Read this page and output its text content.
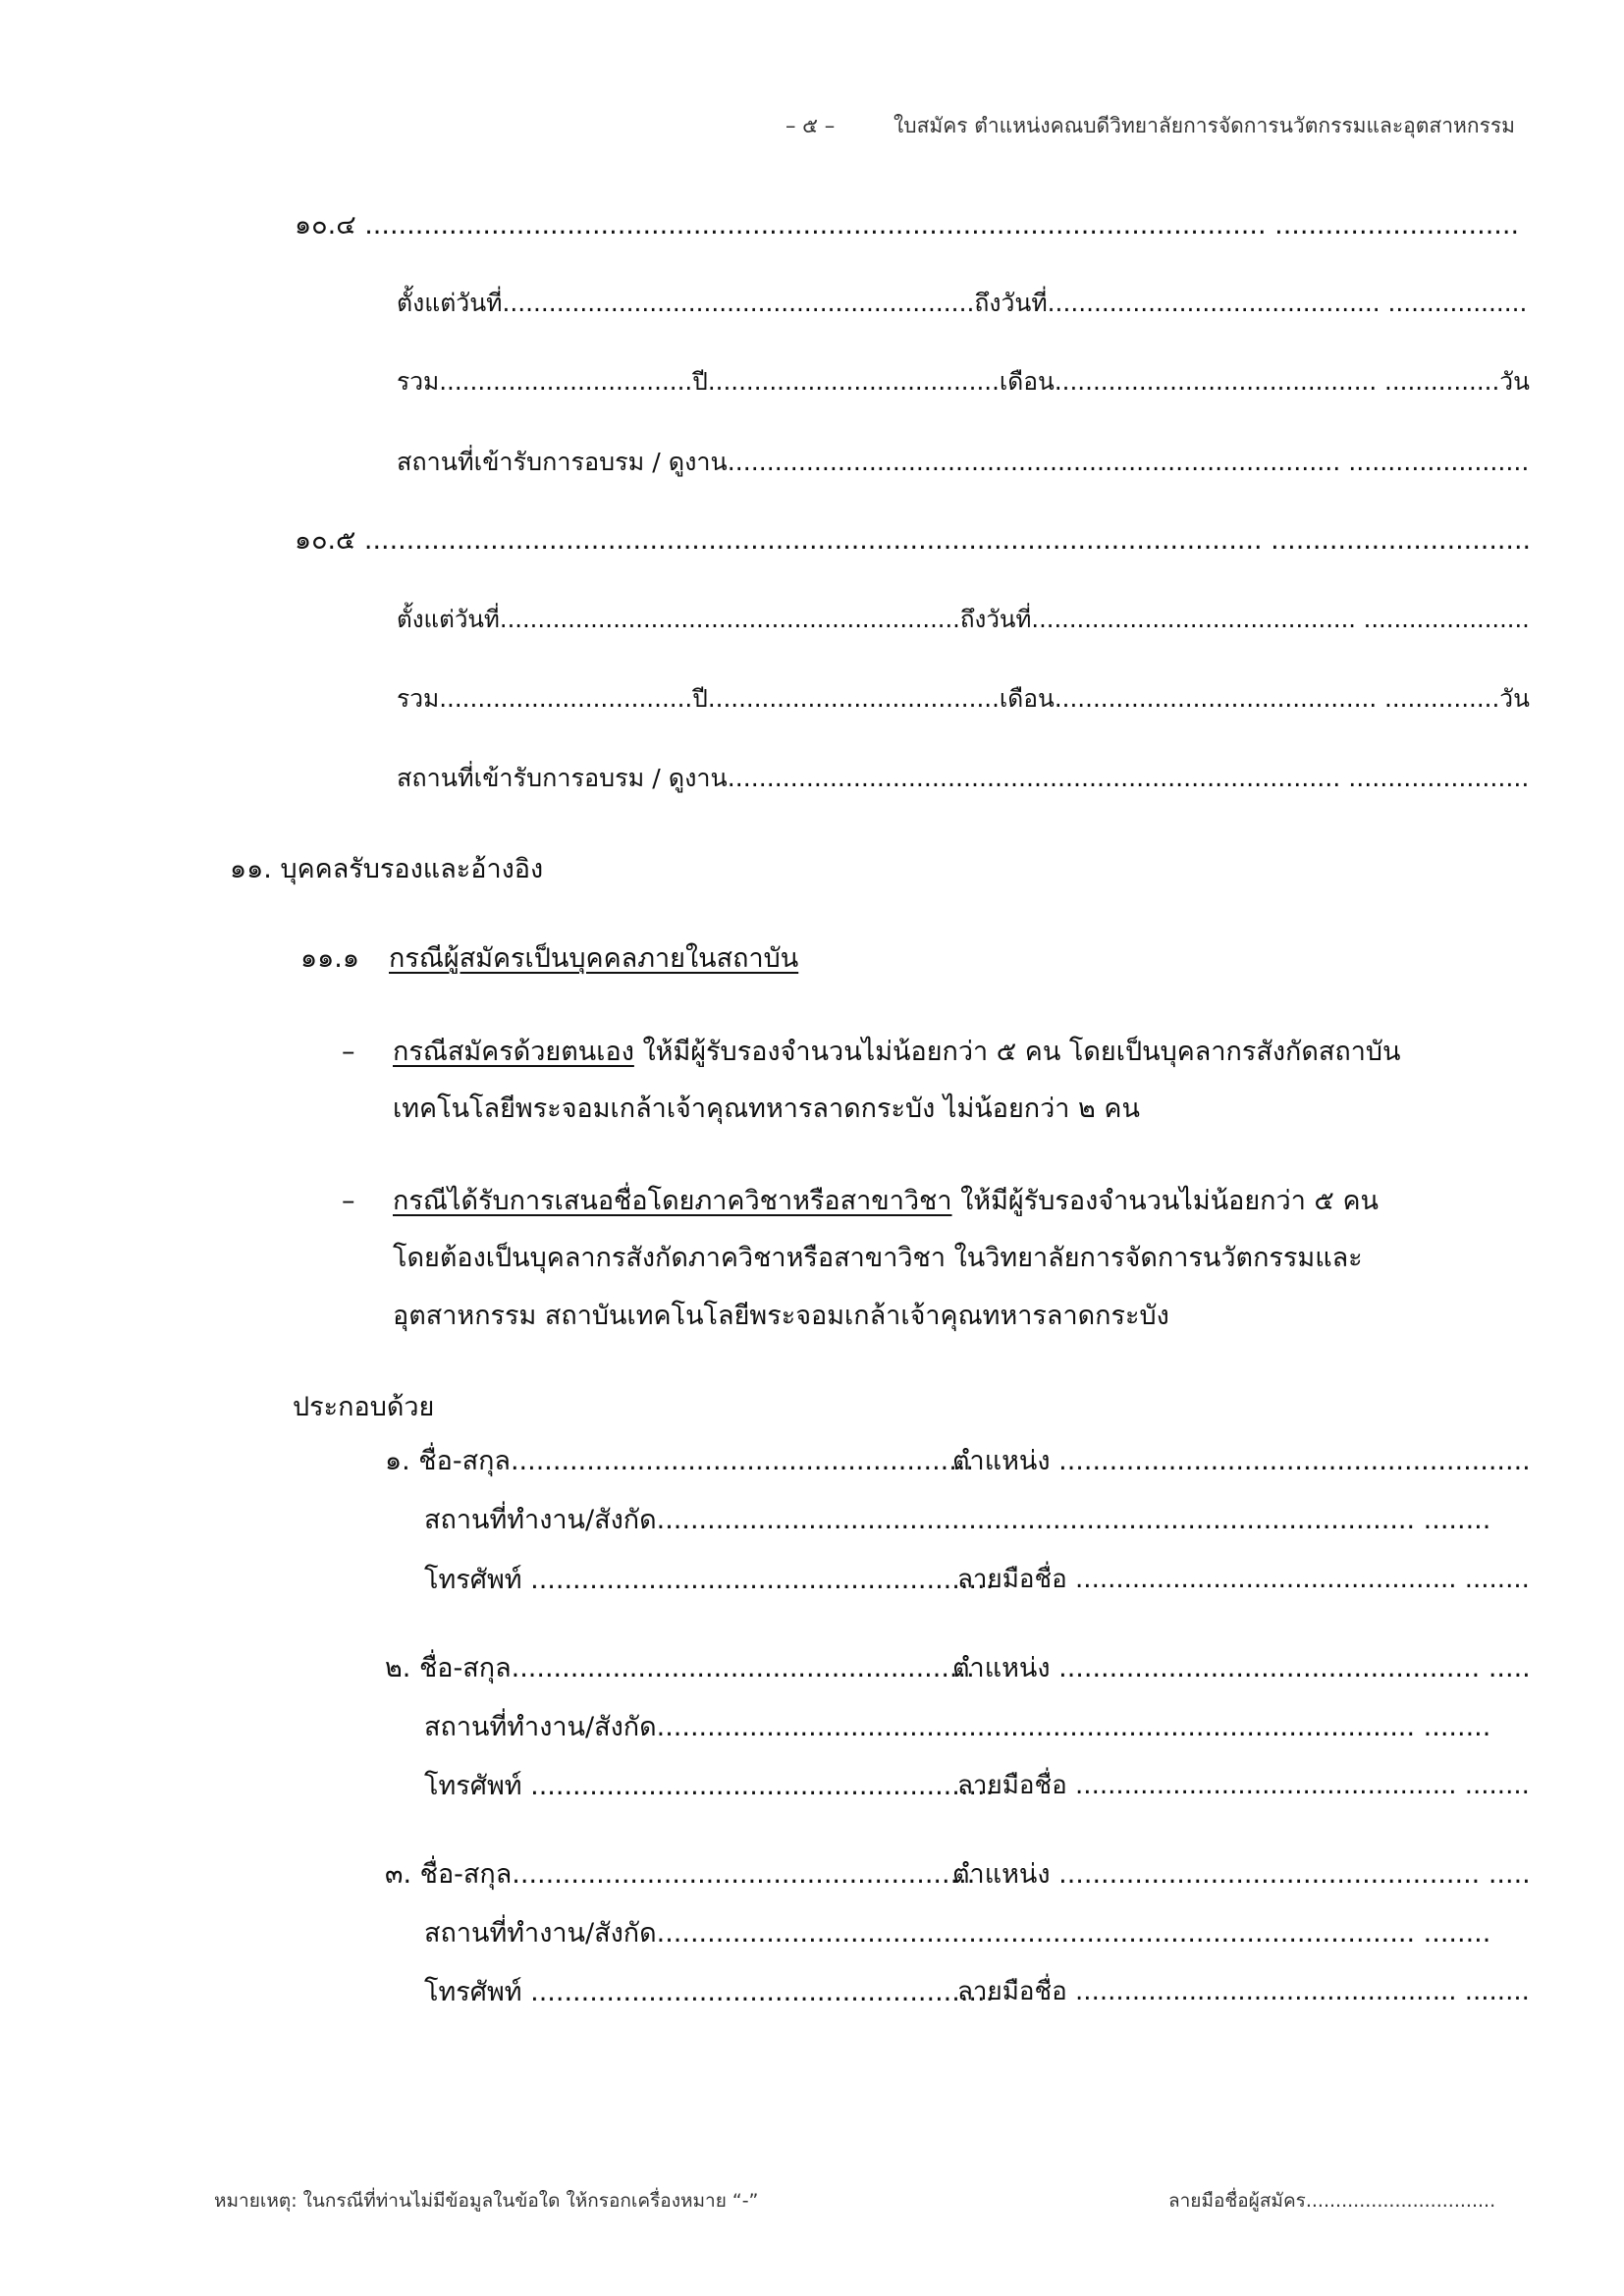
– ๕ –	ใบสมัคร ตำแหน่งคณบดีวิทยาลัยการจัดการนวัตกรรมและอุตสาหกรรม
๑๐.๔ ........................................................................................................... .............................
ตั้งแต่วันที่.............................................................ถึงวันที่........................................... ..................
รวม.................................ปี......................................เดือน.......................................... ...............วัน
สถานที่เข้ารับการอบรม / ดูงาน.............................................................................. .......................
๑๐.๕ ........................................................................................................... ...............................
ตั้งแต่วันที่.............................................................ถึงวันที่........................................... ......................
รวม.................................ปี......................................เดือน.......................................... ...............วัน
สถานที่เข้ารับการอบรม / ดูงาน.............................................................................. .......................
๑๑. บุคคลรับรองและอ้างอิง
๑๑.๑ กรณีผู้สมัครเป็นบุคคลภายในสถาบัน
– กรณีสมัครด้วยตนเอง ให้มีผู้รับรองจำนวนไม่น้อยกว่า ๕ คน โดยเป็นบุคลากรสังกัดสถาบัน
เทคโนโลยีพระจอมเกล้าเจ้าคุณทหารลาดกระบัง ไม่น้อยกว่า ๒ คน
– กรณีได้รับการเสนอชื่อโดยภาควิชาหรือสาขาวิชา ให้มีผู้รับรองจำนวนไม่น้อยกว่า ๕ คน
โดยต้องเป็นบุคลากรสังกัดภาควิชาหรือสาขาวิชา ในวิทยาลัยการจัดการนวัตกรรมและ
อุตสาหกรรม สถาบันเทคโนโลยีพระจอมเกล้าเจ้าคุณทหารลาดกระบัง
ประกอบด้วย
๑. ชื่อ-สกุล.......................................................
ตำแหน่ง ........................................................
สถานที่ทำงาน/สังกัด.......................................................................................... ........
โทรศัพท์ .......................................................
ลายมือชื่อ ............................................... ........
๒. ชื่อ-สกุล.......................................................
ตำแหน่ง .................................................. .....
สถานที่ทำงาน/สังกัด.......................................................................................... ........
โทรศัพท์ .......................................................
ลายมือชื่อ ............................................... ........
๓. ชื่อ-สกุล.......................................................
ตำแหน่ง .................................................. .....
สถานที่ทำงาน/สังกัด.......................................................................................... ........
โทรศัพท์ .......................................................
ลายมือชื่อ ............................................... ........
หมายเหตุ: ในกรณีที่ท่านไม่มีข้อมูลในข้อใด ให้กรอกเครื่องหมาย “-”	ลายมือชื่อผู้สมัคร................................
